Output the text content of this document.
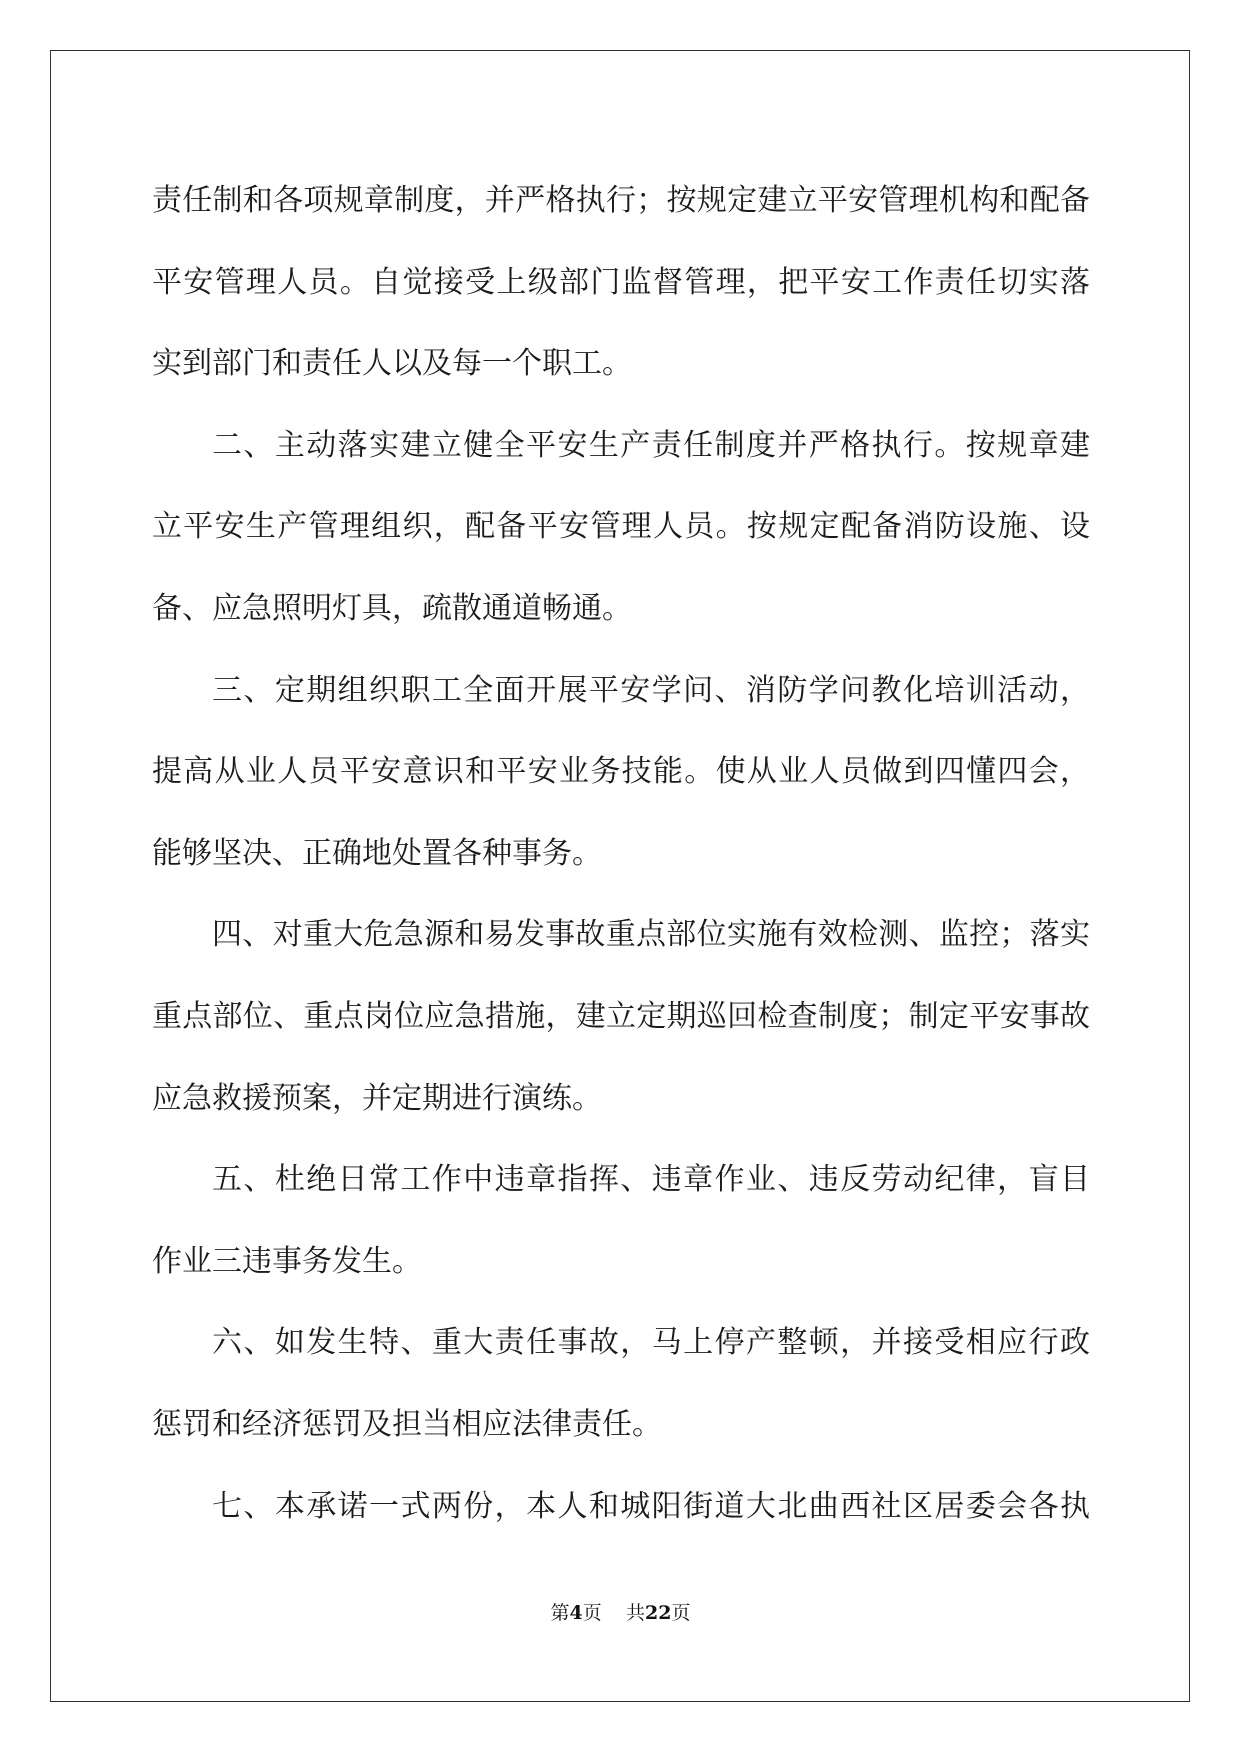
责任制和各项规章制度，并严格执行；按规定建立平安管理机构和配备

平安管理人员。自觉接受上级部门监督管理，把平安工作责任切实落

实到部门和责任人以及每一个职工。

二、主动落实建立健全平安生产责任制度并严格执行。按规章建

立平安生产管理组织，配备平安管理人员。按规定配备消防设施、设

备、应急照明灯具，疏散通道畅通。

三、定期组织职工全面开展平安学问、消防学问教化培训活动，

提高从业人员平安意识和平安业务技能。使从业人员做到四懂四会，

能够坚决、正确地处置各种事务。

四、对重大危急源和易发事故重点部位实施有效检测、监控；落实

重点部位、重点岗位应急措施，建立定期巡回检查制度；制定平安事故

应急救援预案，并定期进行演练。

五、杜绝日常工作中违章指挥、违章作业、违反劳动纪律，盲目

作业三违事务发生。

六、如发生特、重大责任事故，马上停产整顿，并接受相应行政

惩罚和经济惩罚及担当相应法律责任。

七、本承诺一式两份，本人和城阳街道大北曲西社区居委会各执

第4页 共22页
